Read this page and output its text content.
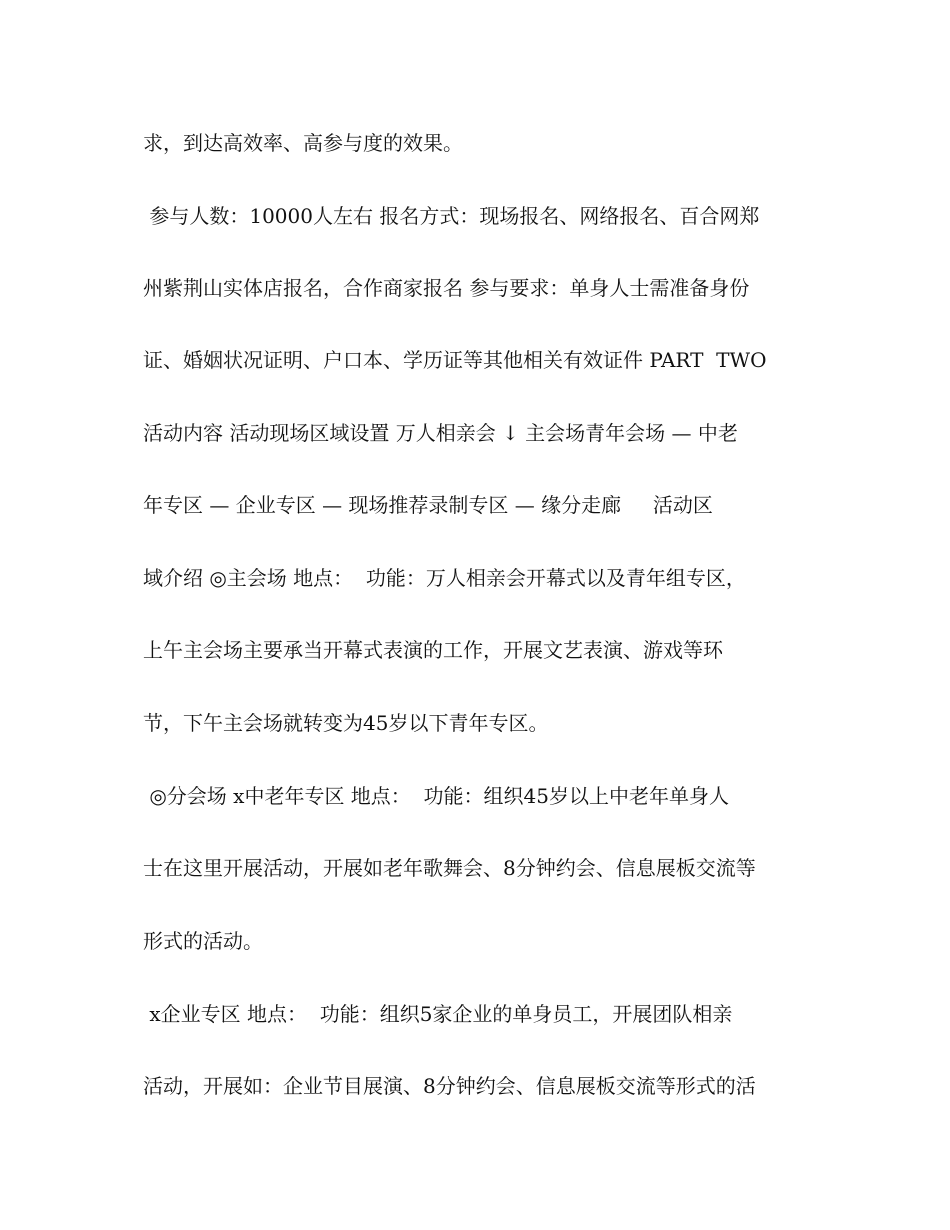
求，到达高效率、高参与度的效果。
参与人数：10000人左右 报名方式：现场报名、网络报名、百合网郑
州紫荆山实体店报名，合作商家报名 参与要求：单身人士需准备身份
证、婚姻状况证明、户口本、学历证等其他相关有效证件 PART  TWO
活动内容 活动现场区域设置 万人相亲会 ↓ 主会场青年会场 — 中老
年专区 — 企业专区 — 现场推荐录制专区 — 缘分走廊     活动区
域介绍 ◎主会场 地点：  功能：万人相亲会开幕式以及青年组专区，
上午主会场主要承当开幕式表演的工作，开展文艺表演、游戏等环
节，下午主会场就转变为45岁以下青年专区。
◎分会场 x中老年专区 地点：  功能：组织45岁以上中老年单身人
士在这里开展活动，开展如老年歌舞会、8分钟约会、信息展板交流等
形式的活动。
x企业专区 地点：  功能：组织5家企业的单身员工，开展团队相亲
活动，开展如：企业节目展演、8分钟约会、信息展板交流等形式的活
